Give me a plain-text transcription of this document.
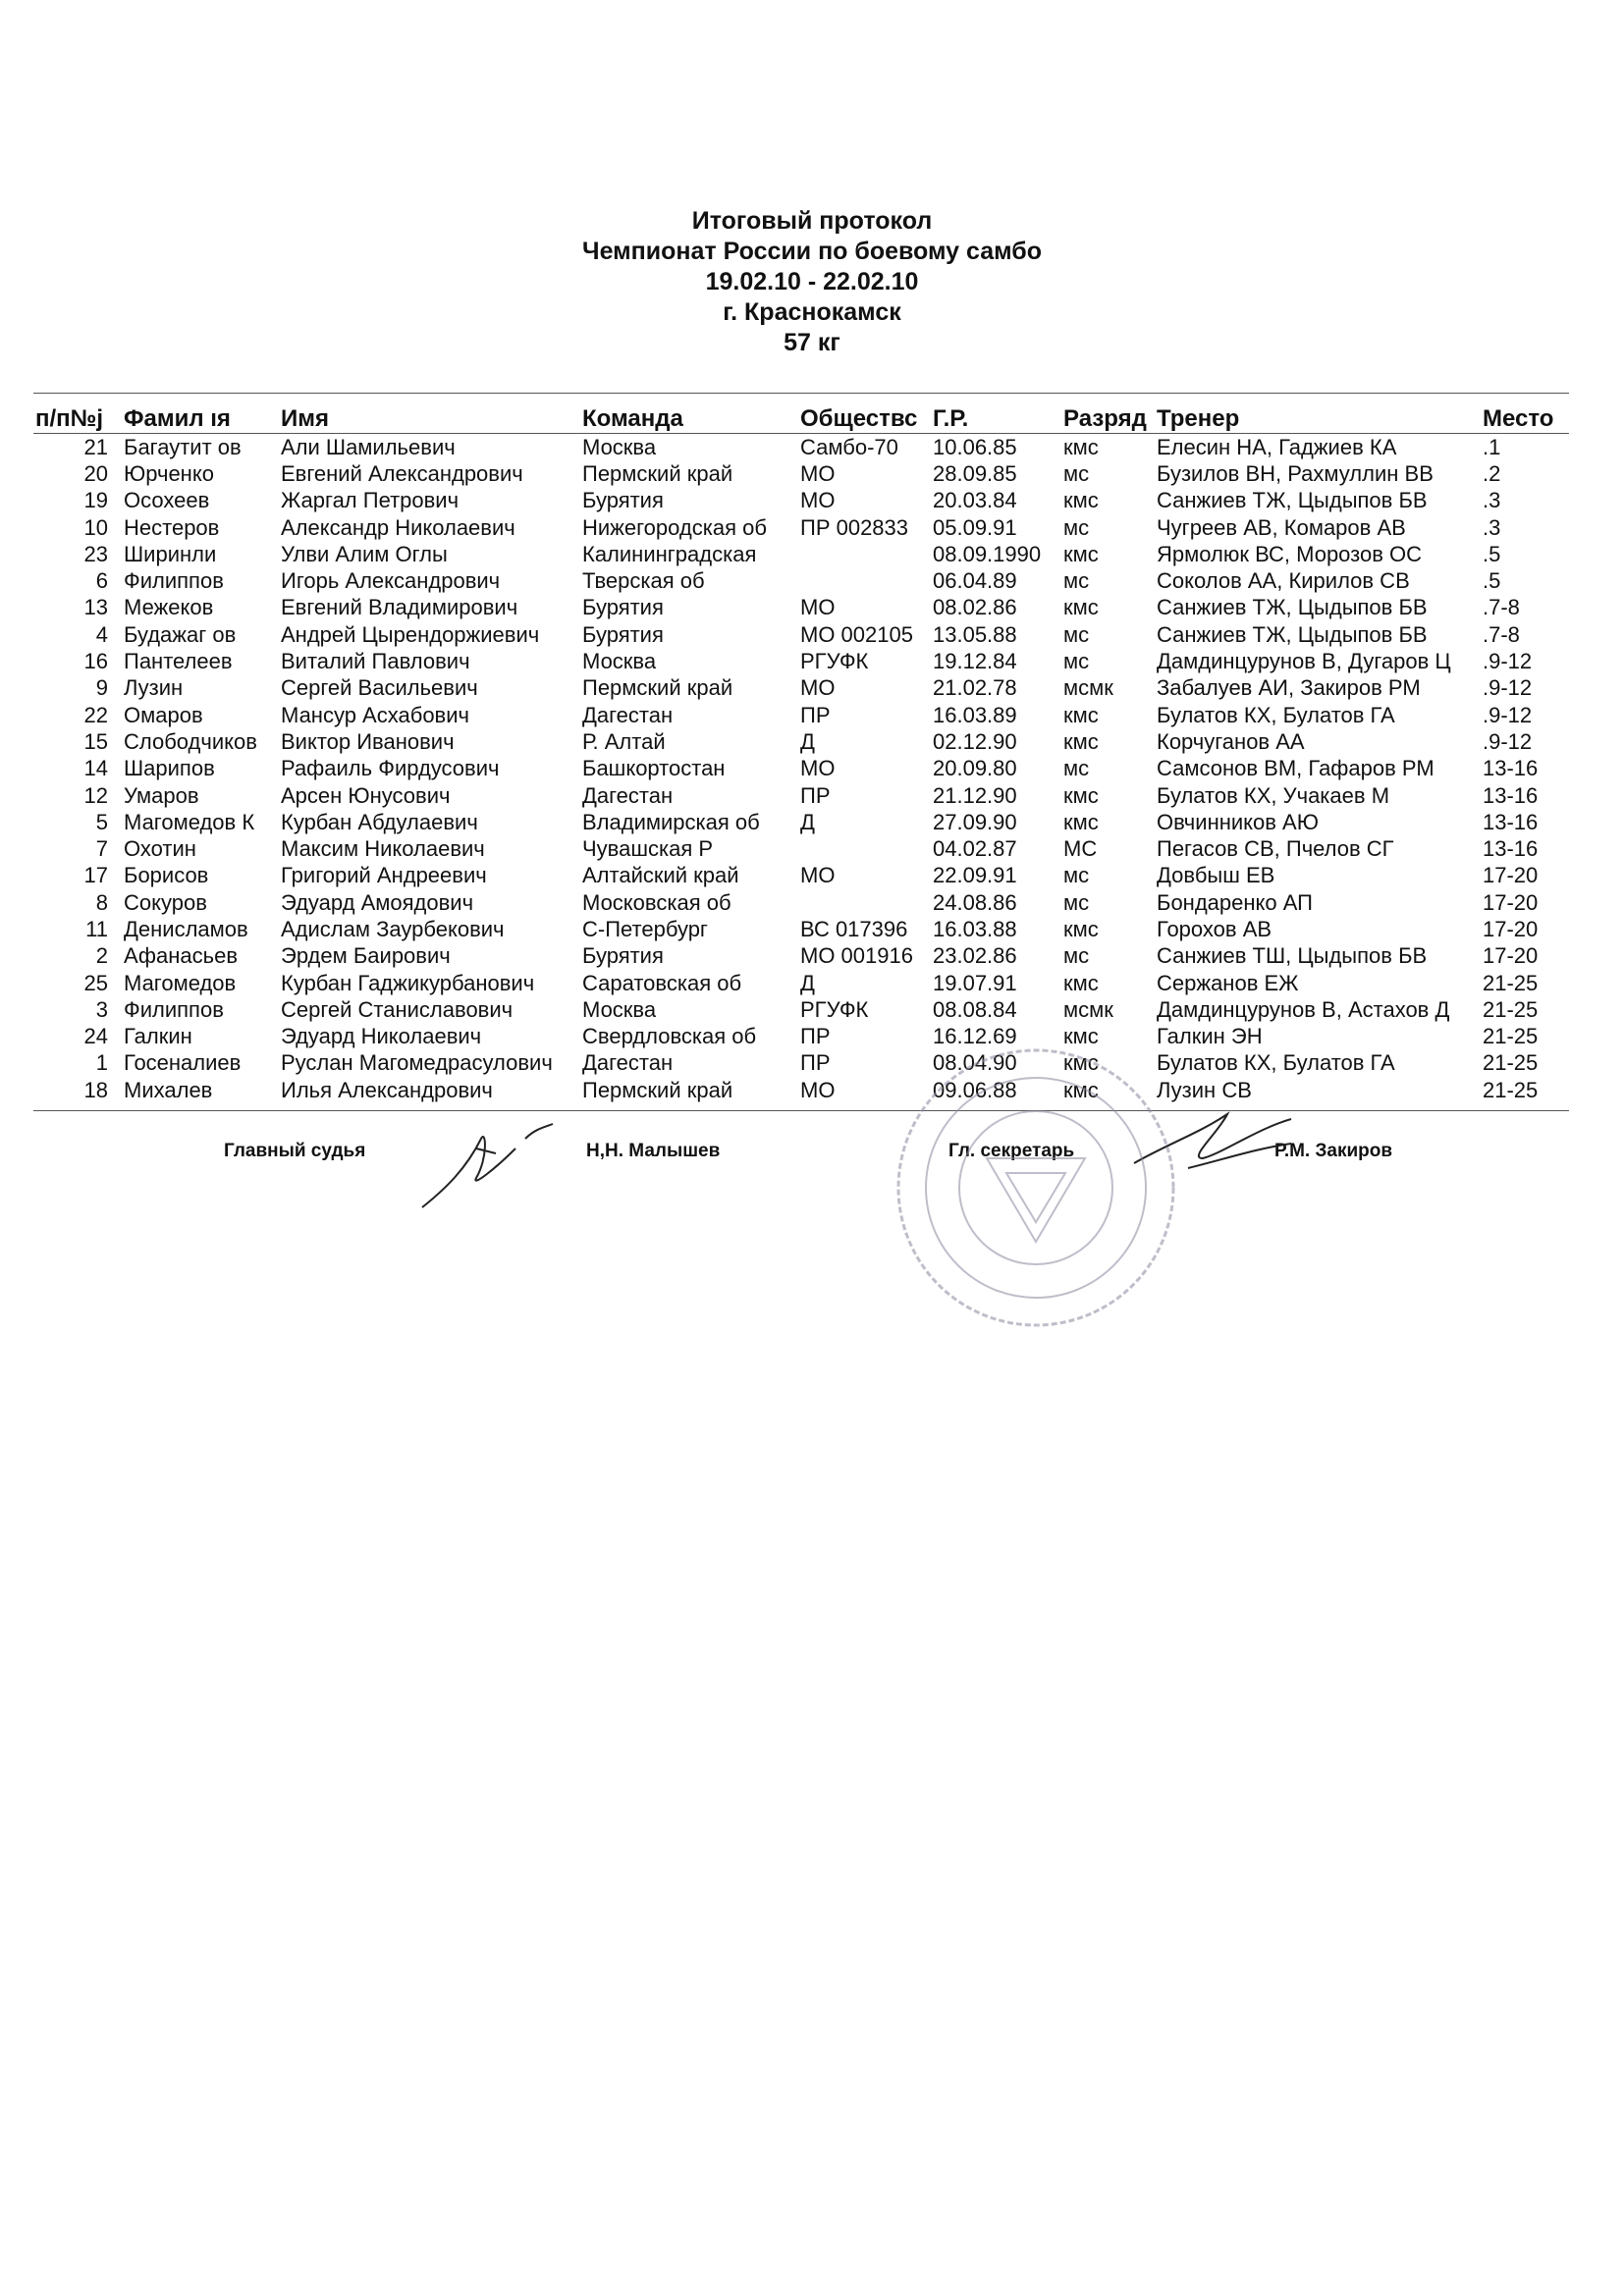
Итоговый протокол
Чемпионат России по боевому самбо
19.02.10 - 22.02.10
г. Краснокамск
57 кг
п/п№j	Фамил ıя	Имя	Команда	Обществс	Г.Р.	Разряд	Тренер	Место
21	Багаутит ов	Али Шамильевич	Москва	Самбо-70	10.06.85	кмс	Елесин НА, Гаджиев КА	.1
20	Юрченко	Евгений Александрович	Пермский край	МО	28.09.85	мс	Бузилов ВН, Рахмуллин ВВ	.2
19	Осохеев	Жаргал Петрович	Бурятия	МО	20.03.84	кмс	Санжиев ТЖ, Цыдыпов БВ	.3
10	Нестеров	Александр Николаевич	Нижегородская об	ПР 002833	05.09.91	мс	Чугреев АВ, Комаров АВ	.3
23	Ширинли	Улви Алим Оглы	Калининградская		08.09.1990	кмс	Ярмолюк ВС, Морозов ОС	.5
6	Филиппов	Игорь Александрович	Тверская об		06.04.89	мс	Соколов АА, Кирилов СВ	.5
13	Межеков	Евгений Владимирович	Бурятия	МО	08.02.86	кмс	Санжиев ТЖ, Цыдыпов БВ	.7-8
4	Будажаг ов	Андрей Цырендоржиевич	Бурятия	МО 002105	13.05.88	мс	Санжиев ТЖ, Цыдыпов БВ	.7-8
16	Пантелеев	Виталий Павлович	Москва	РГУФК	19.12.84	мс	Дамдинцурунов В, Дугаров Ц	.9-12
9	Лузин	Сергей Васильевич	Пермский край	МО	21.02.78	мсмк	Забалуев АИ, Закиров РМ	.9-12
22	Омаров	Мансур Асхабович	Дагестан	ПР	16.03.89	кмс	Булатов КХ, Булатов ГА	.9-12
15	Слободчиков	Виктор Иванович	Р. Алтай	Д	02.12.90	кмс	Корчуганов АА	.9-12
14	Шарипов	Рафаиль Фирдусович	Башкортостан	МО	20.09.80	мс	Самсонов ВМ, Гафаров РМ	13-16
12	Умаров	Арсен Юнусович	Дагестан	ПР	21.12.90	кмс	Булатов КХ, Учакаев М	13-16
5	Магомедов К	Курбан Абдулаевич	Владимирская об	Д	27.09.90	кмс	Овчинников АЮ	13-16
7	Охотин	Максим Николаевич	Чувашская Р		04.02.87	МС	Пегасов СВ, Пчелов СГ	13-16
17	Борисов	Григорий Андреевич	Алтайский край	МО	22.09.91	мс	Довбыш ЕВ	17-20
8	Сокуров	Эдуард Амоядович	Московская об		24.08.86	мс	Бондаренко АП	17-20
11	Денисламов	Адислам Заурбекович	С-Петербург	ВС 017396	16.03.88	кмс	Горохов АВ	17-20
2	Афанасьев	Эрдем Баирович	Бурятия	МО 001916	23.02.86	мс	Санжиев ТШ, Цыдыпов БВ	17-20
25	Магомедов	Курбан Гаджикурбанович	Саратовская об	Д	19.07.91	кмс	Сержанов ЕЖ	21-25
3	Филиппов	Сергей Станиславович	Москва	РГУФК	08.08.84	мсмк	Дамдинцурунов В, Астахов Д	21-25
24	Галкин	Эдуард Николаевич	Свердловская об	ПР	16.12.69	кмс	Галкин ЭН	21-25
1	Госеналиев	Руслан Магомедрасулович	Дагестан	ПР	08.04.90	кмс	Булатов КХ, Булатов ГА	21-25
18	Михалев	Илья Александрович	Пермский край	МО	09.06.88	кмс	Лузин СВ	21-25
Главный судья	Н,Н. Малышев	Гл. секретарь	Р.М. Закиров
